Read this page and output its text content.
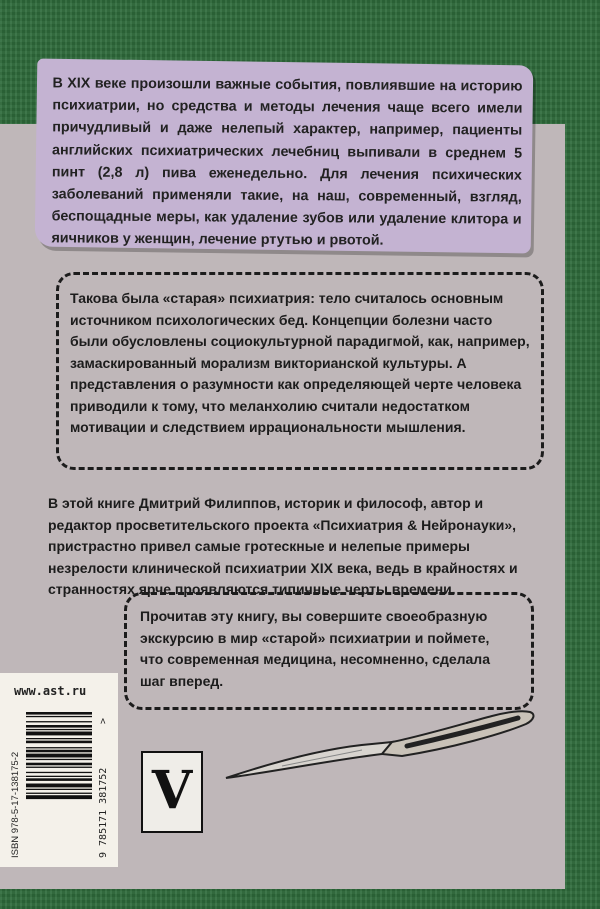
В XIX веке произошли важные события, повлиявшие на историю психиатрии, но средства и методы лечения чаще всего имели причудливый и даже нелепый характер, например, пациенты английских психиатрических лечебниц выпивали в среднем 5 пинт (2,8 л) пива еженедельно. Для лечения психических заболеваний применяли такие, на наш, современный, взгляд, беспощадные меры, как удаление зубов или удаление клитора и яичников у женщин, лечение ртутью и рвотой.
Такова была «старая» психиатрия: тело считалось основным источником психологических бед. Концепции болезни часто были обусловлены социокультурной парадигмой, как, например, замаскированный морализм викторианской культуры. А представления о разумности как определяющей черте человека приводили к тому, что меланхолию считали недостатком мотивации и следствием иррациональности мышления.
В этой книге Дмитрий Филиппов, историк и философ, автор и редактор просветительского проекта «Психиатрия & Нейронауки», пристрастно привел самые гротескные и нелепые примеры незрелости клинической психиатрии XIX века, ведь в крайностях и странностях ярче проявляются типичные черты времени.
Прочитав эту книгу, вы совершите своеобразную экскурсию в мир «старой» психиатрии и поймете, что современная медицина, несомненно, сделала шаг вперед.
www.ast.ru
ISBN 978-5-17-138175-2	9 785171 381752
>
V
